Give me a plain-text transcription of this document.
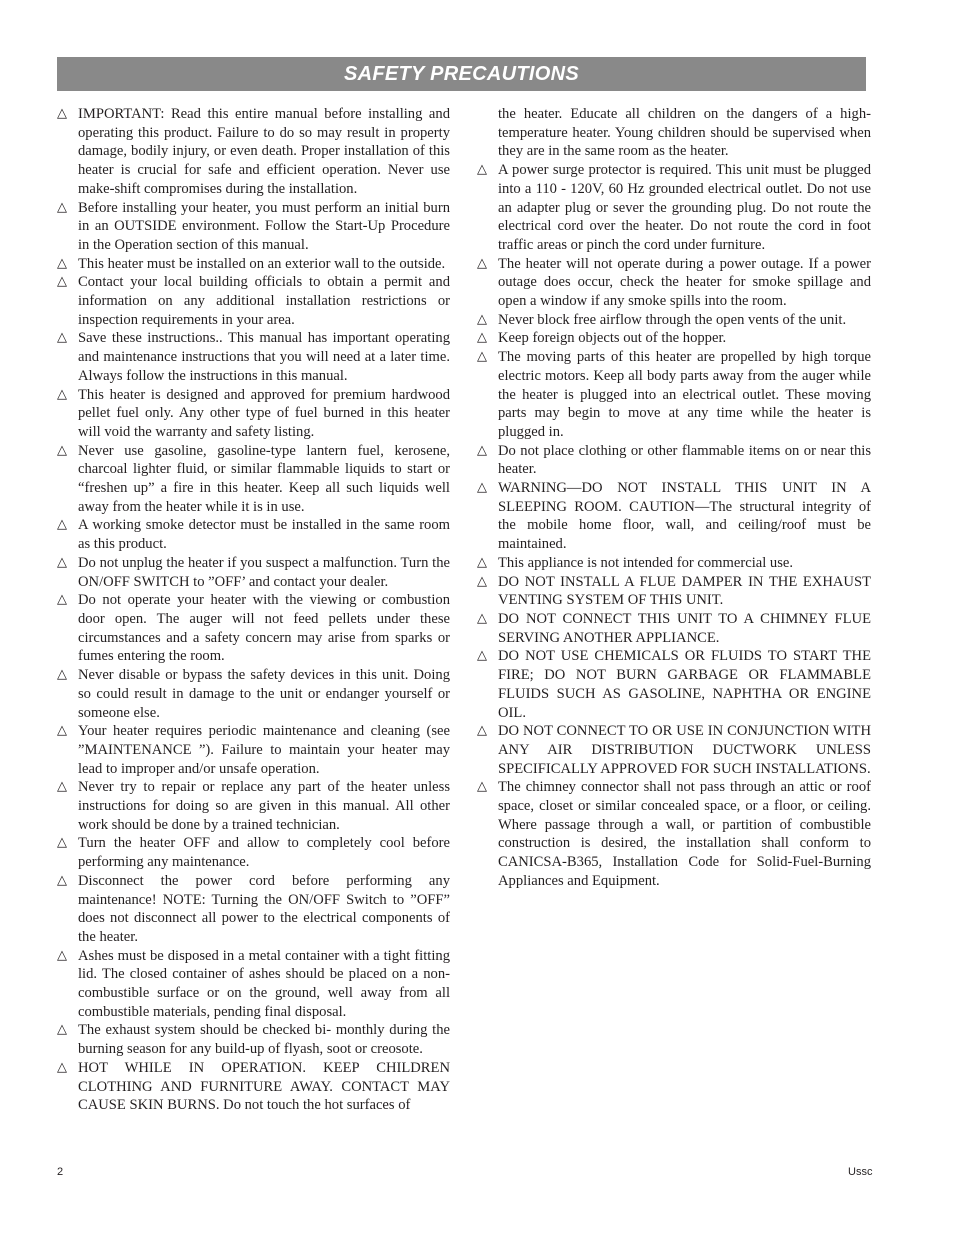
SAFETY PRECAUTIONS
△ IMPORTANT: Read this entire manual before installing and operating this product. Failure to do so may result in property damage, bodily injury, or even death. Proper installation of this heater is crucial for safe and efficient operation. Never use make-shift compromises during the installation.
△ Before installing your heater, you must perform an initial burn in an OUTSIDE environment. Follow the Start-Up Procedure in the Operation section of this manual.
△ This heater must be installed on an exterior wall to the outside.
△ Contact your local building officials to obtain a permit and information on any additional installation restrictions or inspection requirements in your area.
△ Save these instructions.. This manual has important operating and maintenance instructions that you will need at a later time. Always follow the instructions in this manual.
△ This heater is designed and approved for premium hardwood pellet fuel only. Any other type of fuel burned in this heater will void the warranty and safety listing.
△ Never use gasoline, gasoline-type lantern fuel, kerosene, charcoal lighter fluid, or similar flammable liquids to start or “freshen up” a fire in this heater. Keep all such liquids well away from the heater while it is in use.
△ A working smoke detector must be installed in the same room as this product.
△ Do not unplug the heater if you suspect a malfunction. Turn the ON/OFF SWITCH to ”OFF’ and contact your dealer.
△ Do not operate your heater with the viewing or combustion door open. The auger will not feed pellets under these circumstances and a safety concern may arise from sparks or fumes entering the room.
△ Never disable or bypass the safety devices in this unit. Doing so could result in damage to the unit or endanger yourself or someone else.
△ Your heater requires periodic maintenance and cleaning (see ”MAINTENANCE ”). Failure to maintain your heater may lead to improper and/or unsafe operation.
△ Never try to repair or replace any part of the heater unless instructions for doing so are given in this manual. All other work should be done by a trained technician.
△ Turn the heater OFF and allow to completely cool before performing any maintenance.
△ Disconnect the power cord before performing any maintenance! NOTE: Turning the ON/OFF Switch to ”OFF” does not disconnect all power to the electrical components of the heater.
△ Ashes must be disposed in a metal container with a tight fitting lid. The closed container of ashes should be placed on a non-combustible surface or on the ground, well away from all combustible materials, pending final disposal.
△ The exhaust system should be checked bi- monthly during the burning season for any build-up of flyash, soot or creosote.
△ HOT WHILE IN OPERATION. KEEP CHILDREN CLOTHING AND FURNITURE AWAY. CONTACT MAY CAUSE SKIN BURNS. Do not touch the hot surfaces of
the heater. Educate all children on the dangers of a high-temperature heater. Young children should be supervised when they are in the same room as the heater.
△ A power surge protector is required. This unit must be plugged into a 110 - 120V, 60 Hz grounded electrical outlet. Do not use an adapter plug or sever the grounding plug. Do not route the electrical cord over the heater. Do not route the cord in foot traffic areas or pinch the cord under furniture.
△ The heater will not operate during a power outage. If a power outage does occur, check the heater for smoke spillage and open a window if any smoke spills into the room.
△ Never block free airflow through the open vents of the unit.
△ Keep foreign objects out of the hopper.
△ The moving parts of this heater are propelled by high torque electric motors. Keep all body parts away from the auger while the heater is plugged into an electrical outlet. These moving parts may begin to move at any time while the heater is plugged in.
△ Do not place clothing or other flammable items on or near this heater.
△ WARNING—DO NOT INSTALL THIS UNIT IN A SLEEPING ROOM. CAUTION—The structural integrity of the mobile home floor, wall, and ceiling/roof must be maintained.
△ This appliance is not intended for commercial use.
△ DO NOT INSTALL A FLUE DAMPER IN THE EXHAUST VENTING SYSTEM OF THIS UNIT.
△ DO NOT CONNECT THIS UNIT TO A CHIMNEY FLUE SERVING ANOTHER APPLIANCE.
△ DO NOT USE CHEMICALS OR FLUIDS TO START THE FIRE; DO NOT BURN GARBAGE OR FLAMMABLE FLUIDS SUCH AS GASOLINE, NAPHTHA OR ENGINE OIL.
△ DO NOT CONNECT TO OR USE IN CONJUNCTION WITH ANY AIR DISTRIBUTION DUCTWORK UNLESS SPECIFICALLY APPROVED FOR SUCH INSTALLATIONS.
△ The chimney connector shall not pass through an attic or roof space, closet or similar concealed space, or a floor, or ceiling. Where passage through a wall, or partition of combustible construction is desired, the installation shall conform to CANICSA-B365, Installation Code for Solid-Fuel-Burning Appliances and Equipment.
2	Ussc
